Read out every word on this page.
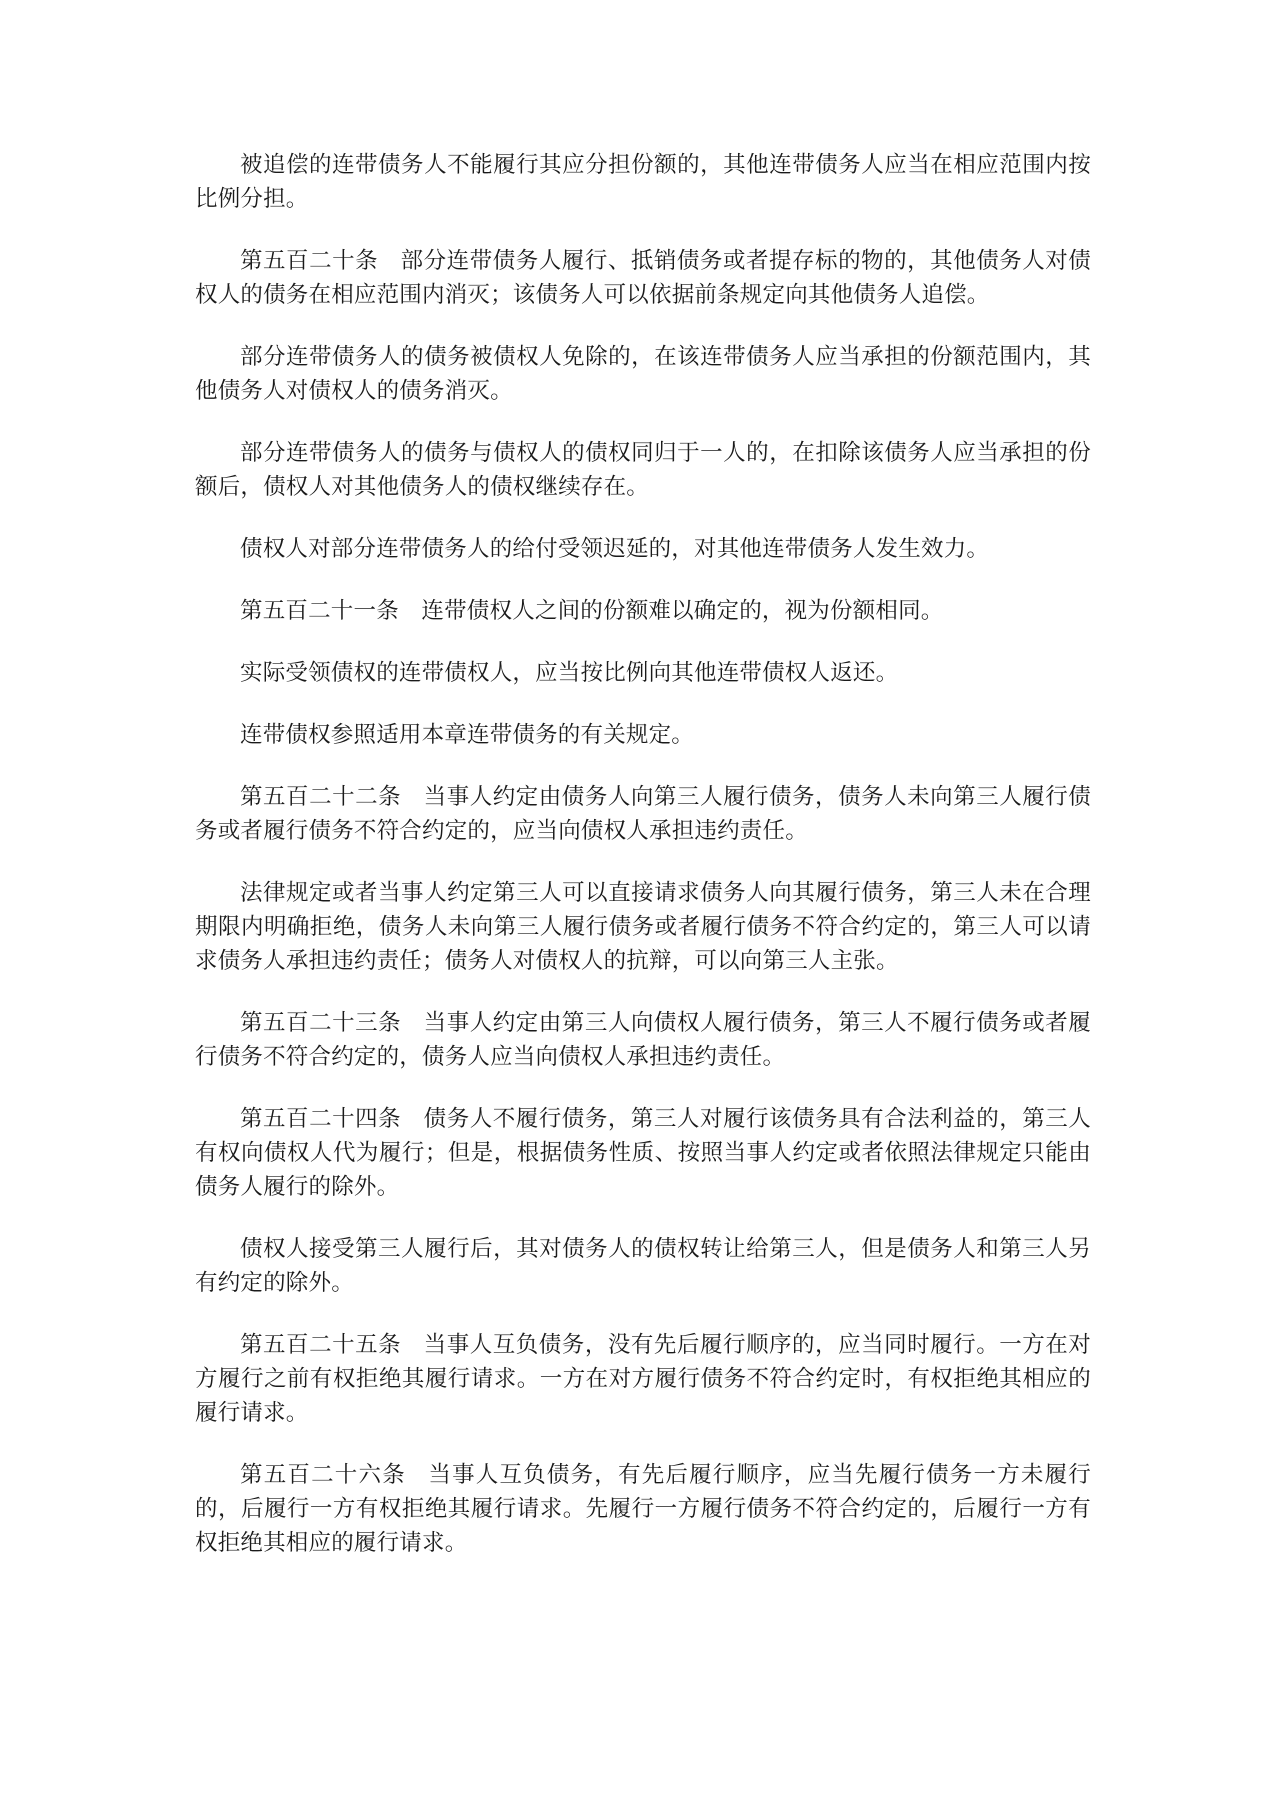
被追偿的连带债务人不能履行其应分担份额的，其他连带债务人应当在相应范围内按比例分担。

第五百二十条 部分连带债务人履行、抵销债务或者提存标的物的，其他债务人对债权人的债务在相应范围内消灭；该债务人可以依据前条规定向其他债务人追偿。

部分连带债务人的债务被债权人免除的，在该连带债务人应当承担的份额范围内，其他债务人对债权人的债务消灭。

部分连带债务人的债务与债权人的债权同归于一人的，在扣除该债务人应当承担的份额后，债权人对其他债务人的债权继续存在。

债权人对部分连带债务人的给付受领迟延的，对其他连带债务人发生效力。

第五百二十一条 连带债权人之间的份额难以确定的，视为份额相同。

实际受领债权的连带债权人，应当按比例向其他连带债权人返还。

连带债权参照适用本章连带债务的有关规定。

第五百二十二条 当事人约定由债务人向第三人履行债务，债务人未向第三人履行债务或者履行债务不符合约定的，应当向债权人承担违约责任。

法律规定或者当事人约定第三人可以直接请求债务人向其履行债务，第三人未在合理期限内明确拒绝，债务人未向第三人履行债务或者履行债务不符合约定的，第三人可以请求债务人承担违约责任；债务人对债权人的抗辩，可以向第三人主张。

第五百二十三条 当事人约定由第三人向债权人履行债务，第三人不履行债务或者履行债务不符合约定的，债务人应当向债权人承担违约责任。

第五百二十四条 债务人不履行债务，第三人对履行该债务具有合法利益的，第三人有权向债权人代为履行；但是，根据债务性质、按照当事人约定或者依照法律规定只能由债务人履行的除外。

债权人接受第三人履行后，其对债务人的债权转让给第三人，但是债务人和第三人另有约定的除外。

第五百二十五条 当事人互负债务，没有先后履行顺序的，应当同时履行。一方在对方履行之前有权拒绝其履行请求。一方在对方履行债务不符合约定时，有权拒绝其相应的履行请求。

第五百二十六条 当事人互负债务，有先后履行顺序，应当先履行债务一方未履行的，后履行一方有权拒绝其履行请求。先履行一方履行债务不符合约定的，后履行一方有权拒绝其相应的履行请求。
